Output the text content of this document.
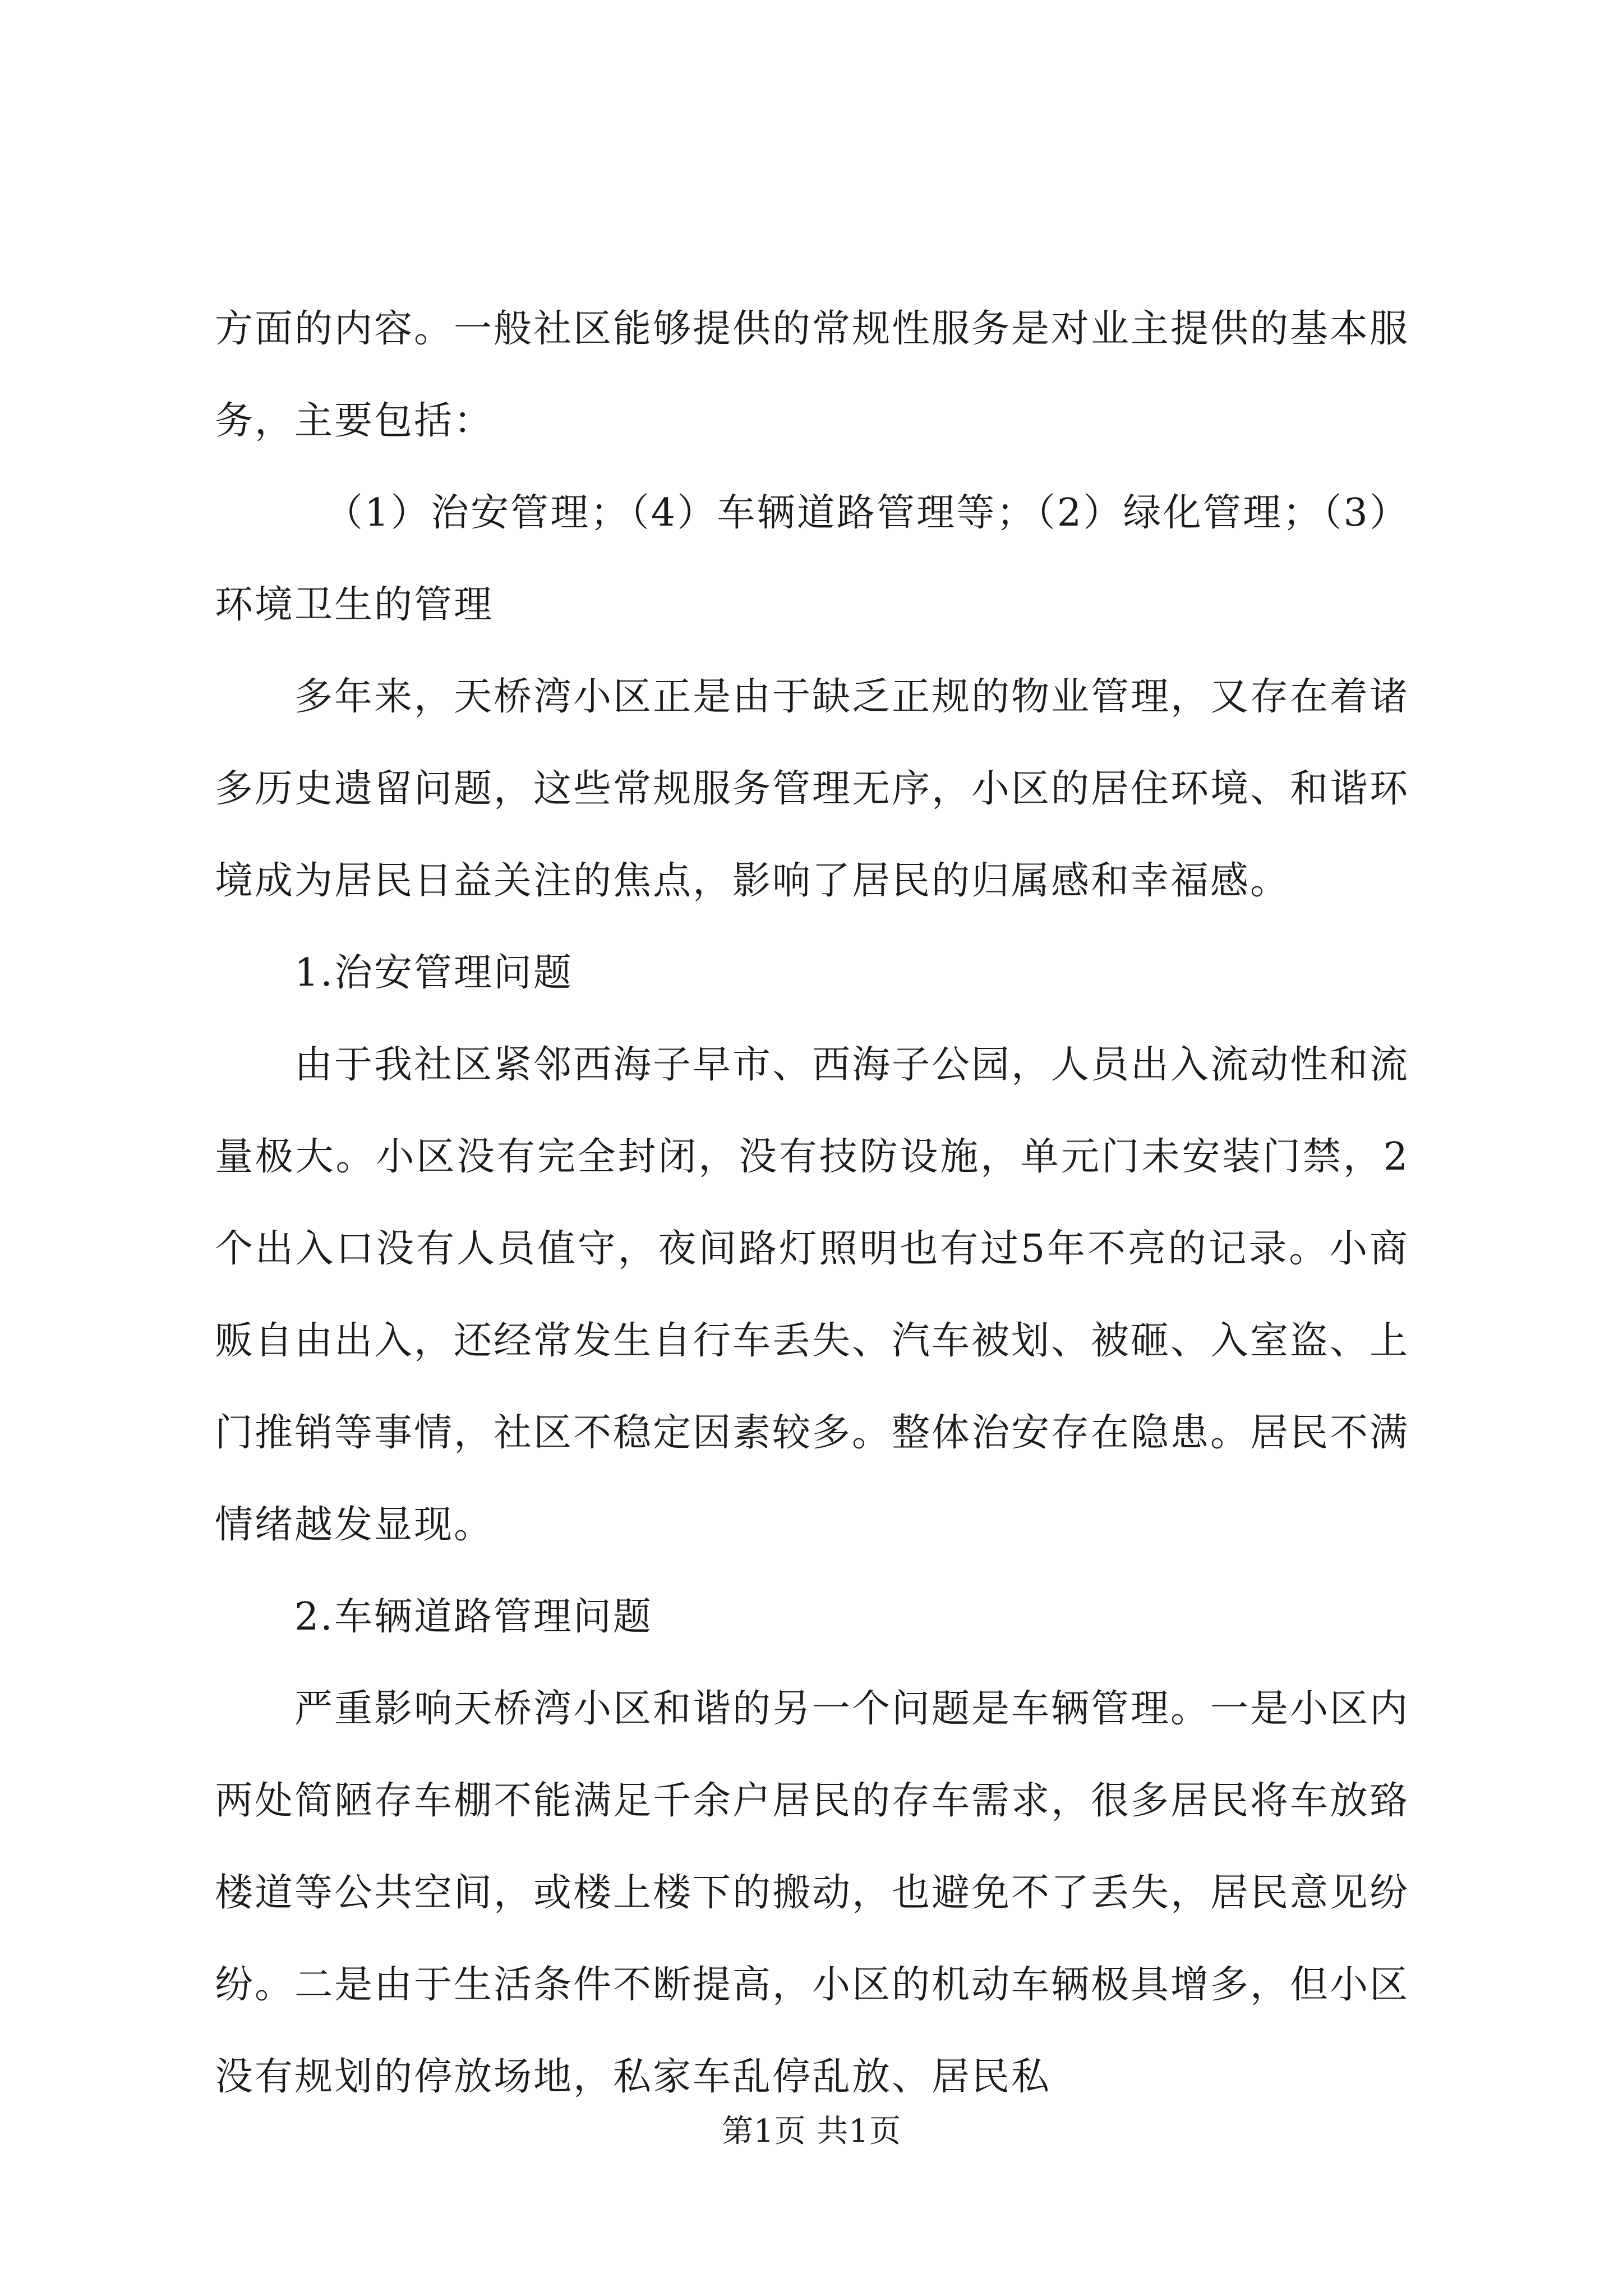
方面的内容。一般社区能够提供的常规性服务是对业主提供的基本服务，主要包括：

（1）治安管理；（4）车辆道路管理等；（2）绿化管理；（3）环境卫生的管理

多年来，天桥湾小区正是由于缺乏正规的物业管理，又存在着诸多历史遗留问题，这些常规服务管理无序，小区的居住环境、和谐环境成为居民日益关注的焦点，影响了居民的归属感和幸福感。

1.治安管理问题

由于我社区紧邻西海子早市、西海子公园，人员出入流动性和流量极大。小区没有完全封闭，没有技防设施，单元门未安装门禁，2个出入口没有人员值守，夜间路灯照明也有过5年不亮的记录。小商贩自由出入，还经常发生自行车丢失、汽车被划、被砸、入室盗、上门推销等事情，社区不稳定因素较多。整体治安存在隐患。居民不满情绪越发显现。

2.车辆道路管理问题

严重影响天桥湾小区和谐的另一个问题是车辆管理。一是小区内两处简陋存车棚不能满足千余户居民的存车需求，很多居民将车放臵楼道等公共空间，或楼上楼下的搬动，也避免不了丢失，居民意见纷纷。二是由于生活条件不断提高，小区的机动车辆极具增多，但小区没有规划的停放场地，私家车乱停乱放、居民私

第1页 共1页
